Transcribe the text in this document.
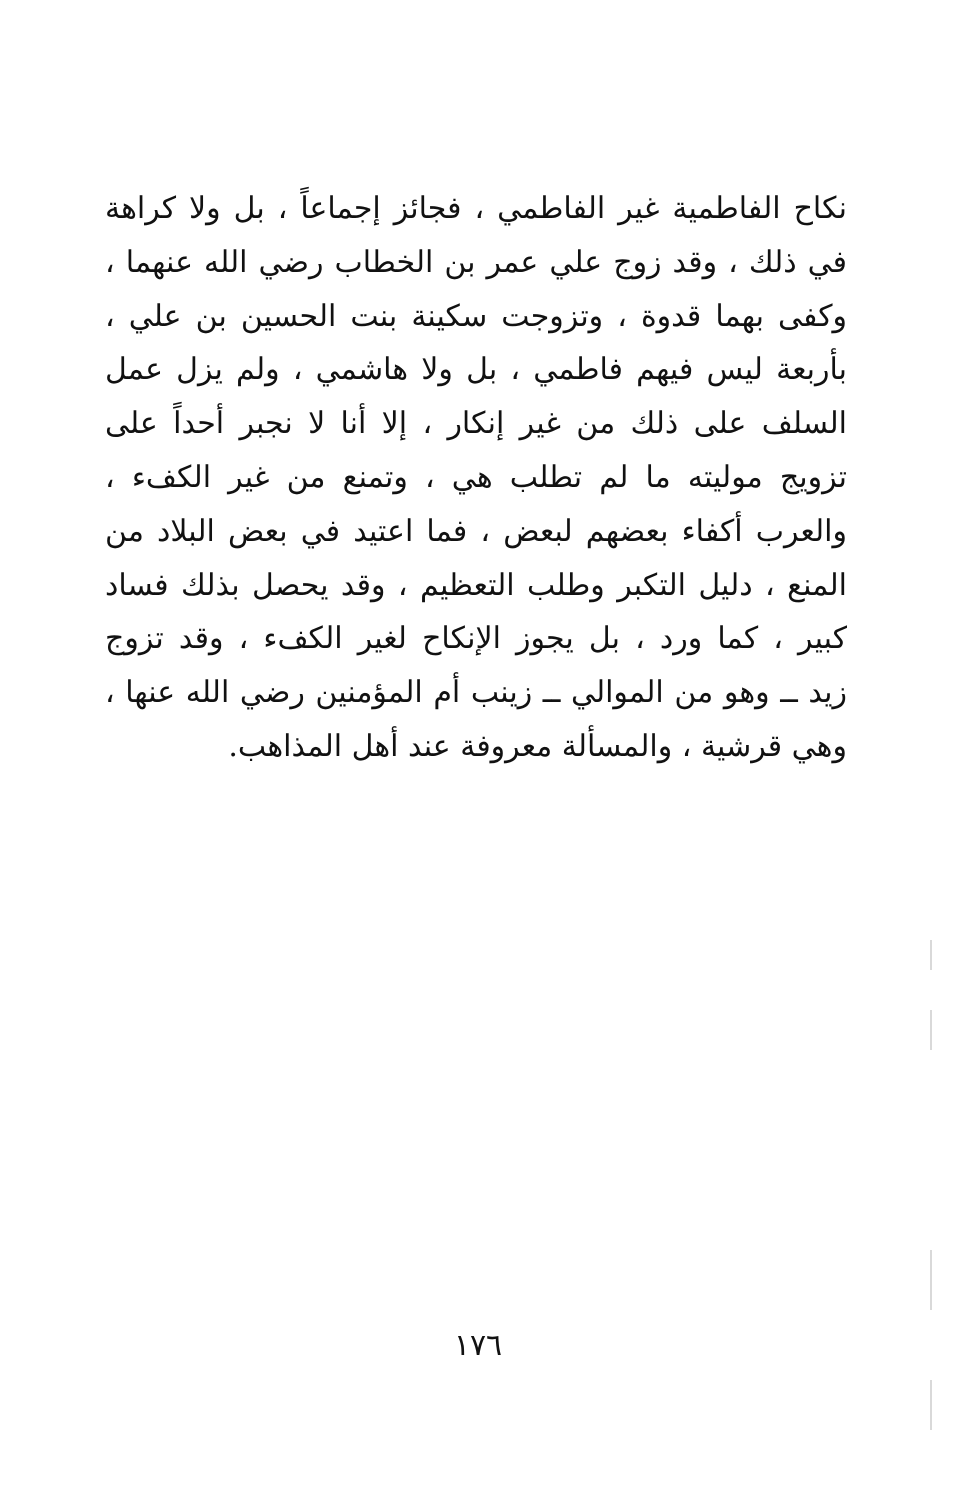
نكاح الفاطمية غير الفاطمي ، فجائز إجماعاً ، بل ولا كراهة
في ذلك ، وقد زوج علي عمر بن الخطاب رضي الله عنهما ،
وكفى بهما قدوة ، وتزوجت سكينة بنت الحسين بن علي ،
بأربعة ليس فيهم فاطمي ، بل ولا هاشمي ، ولم يزل عمل
السلف على ذلك من غير إنكار ، إلا أنا لا نجبر أحداً على
تزويج موليته ما لم تطلب هي ، وتمنع من غير الكفء ،
والعرب أكفاء بعضهم لبعض ، فما اعتيد في بعض البلاد من
المنع ، دليل التكبر وطلب التعظيم ، وقد يحصل بذلك فساد
كبير ، كما ورد ، بل يجوز الإنكاح لغير الكفء ، وقد تزوج
زيد ــ وهو من الموالي ــ زينب أم المؤمنين رضي الله عنها ،
وهي قرشية ، والمسألة معروفة عند أهل المذاهب.
١٧٦
